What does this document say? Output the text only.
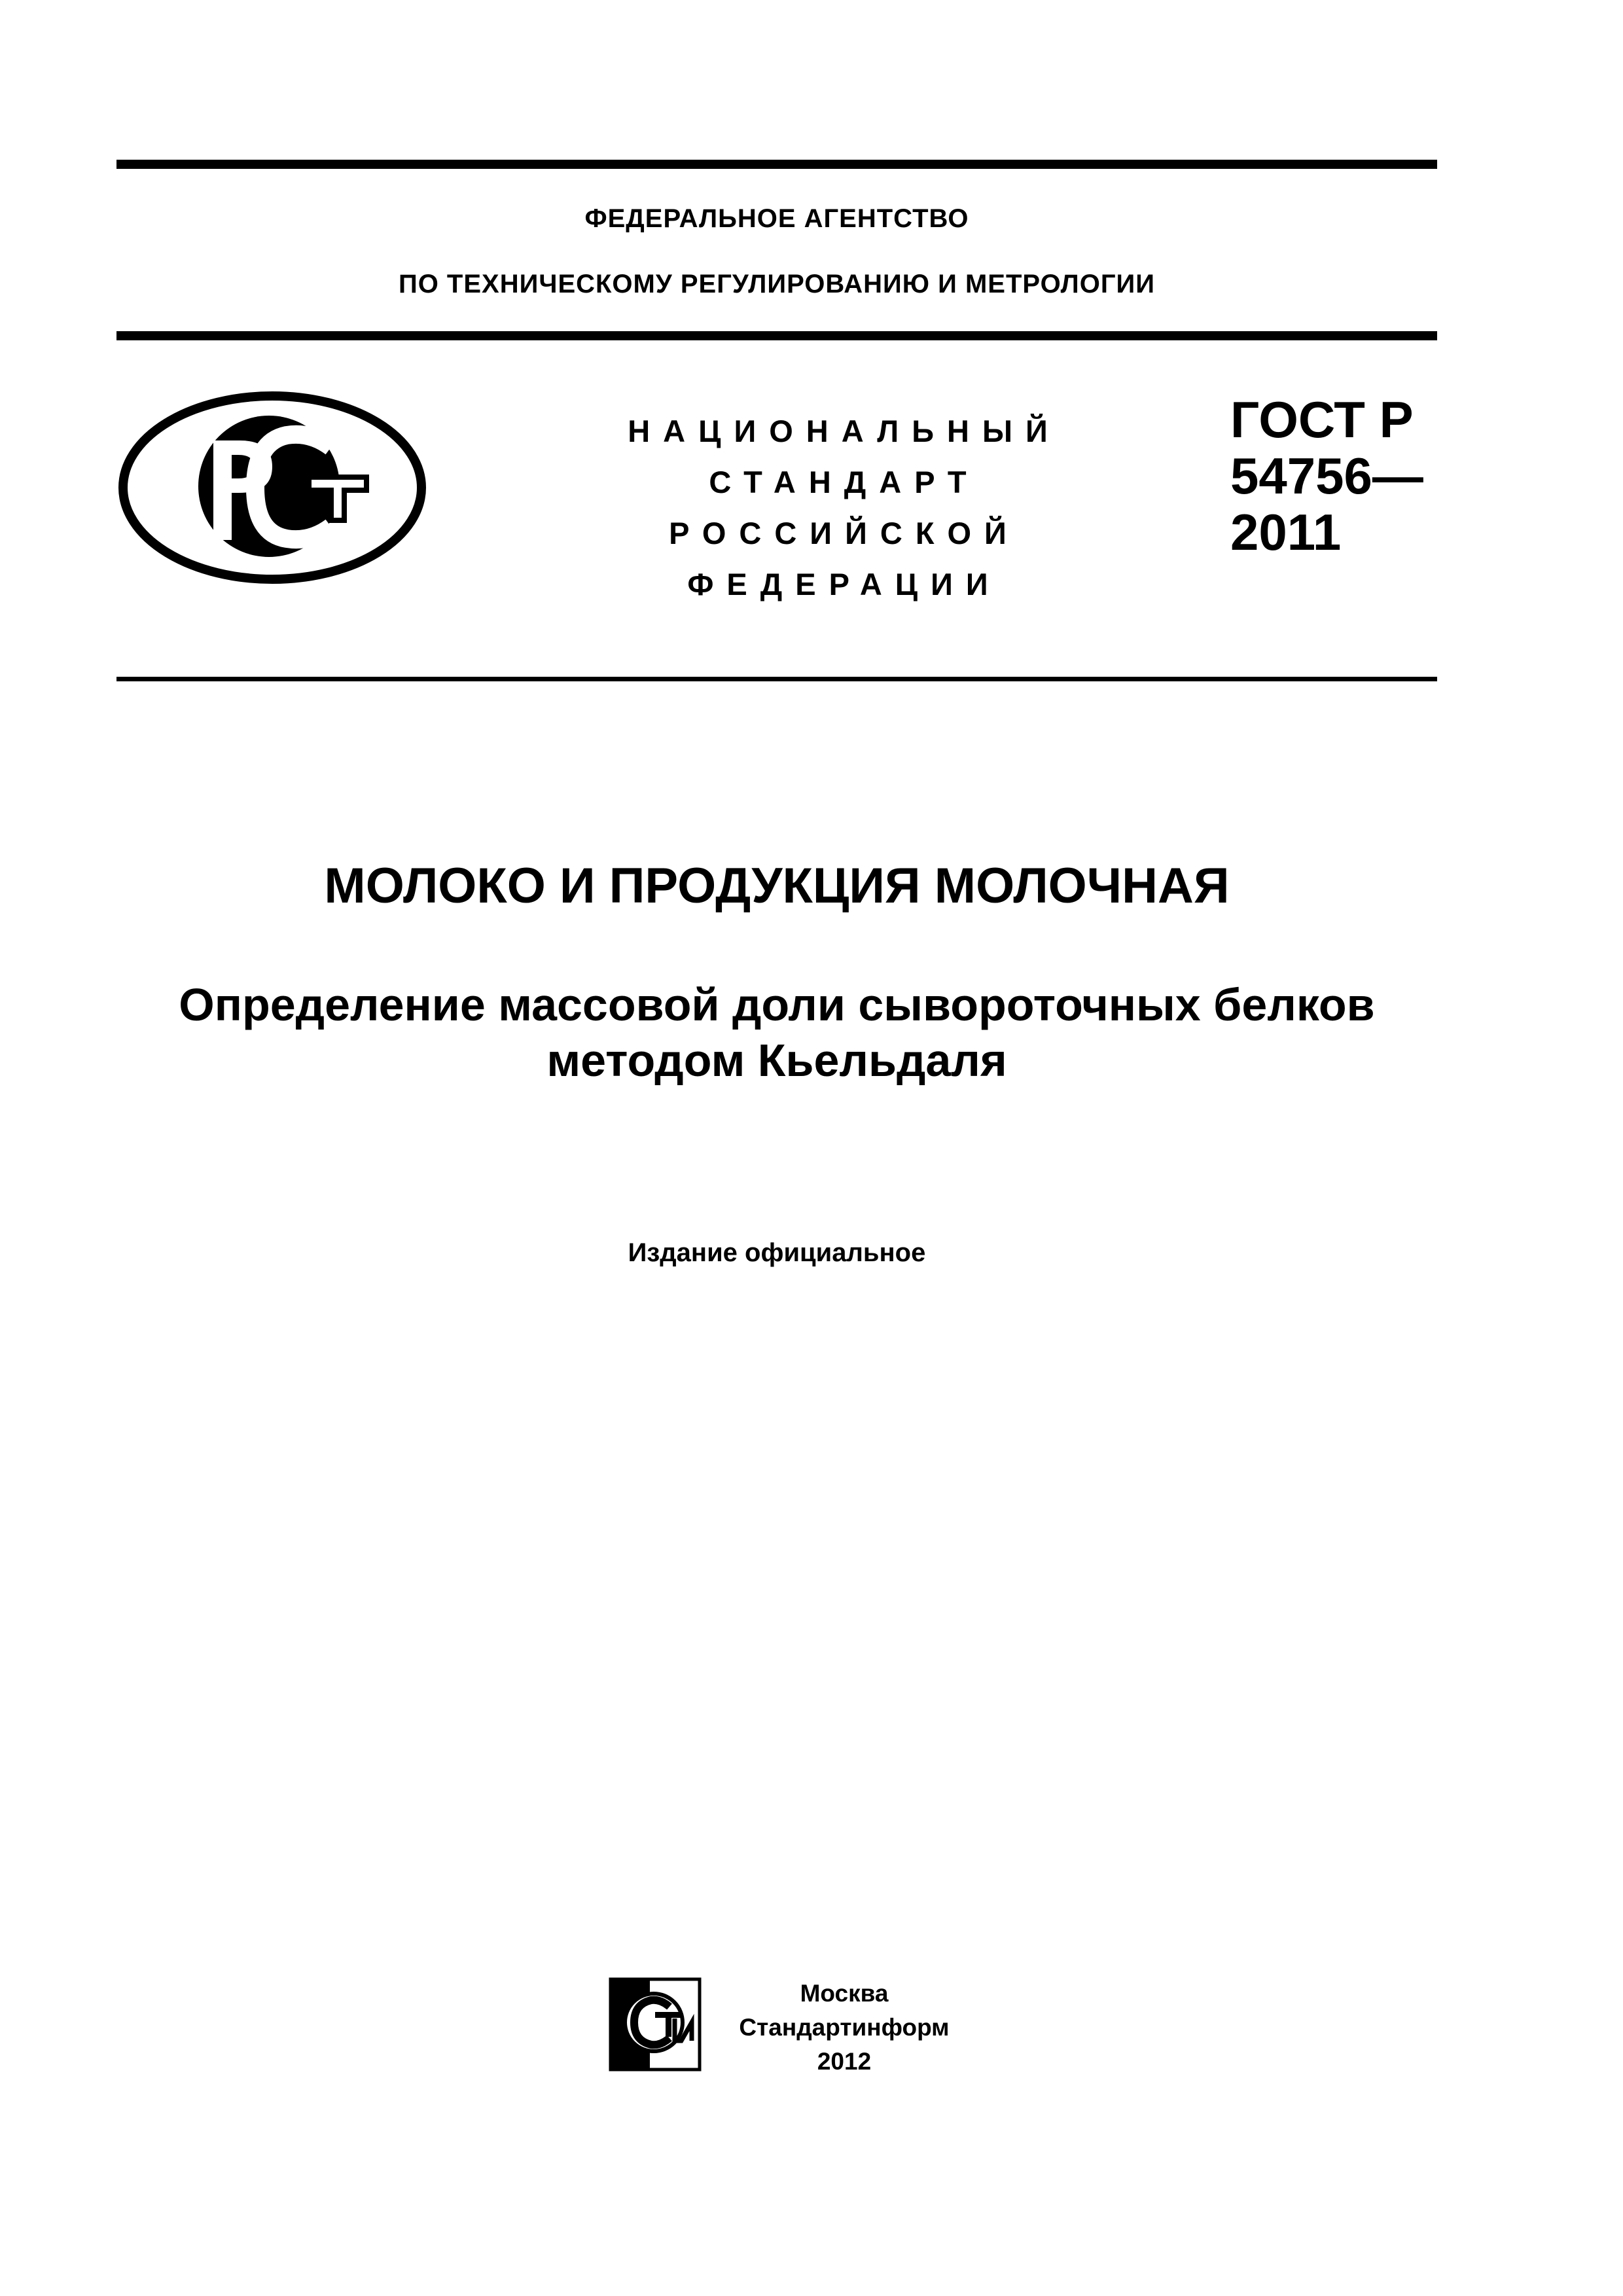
ФЕДЕРАЛЬНОЕ АГЕНТСТВО
ПО ТЕХНИЧЕСКОМУ РЕГУЛИРОВАНИЮ И МЕТРОЛОГИИ
НАЦИОНАЛЬНЫЙ
СТАНДАРТ
РОССИЙСКОЙ
ФЕДЕРАЦИИ
ГОСТ Р
54756—
2011
МОЛОКО И ПРОДУКЦИЯ МОЛОЧНАЯ
Определение массовой доли сывороточных белков
методом Кьельдаля
Издание официальное
Москва
Стандартинформ
2012
